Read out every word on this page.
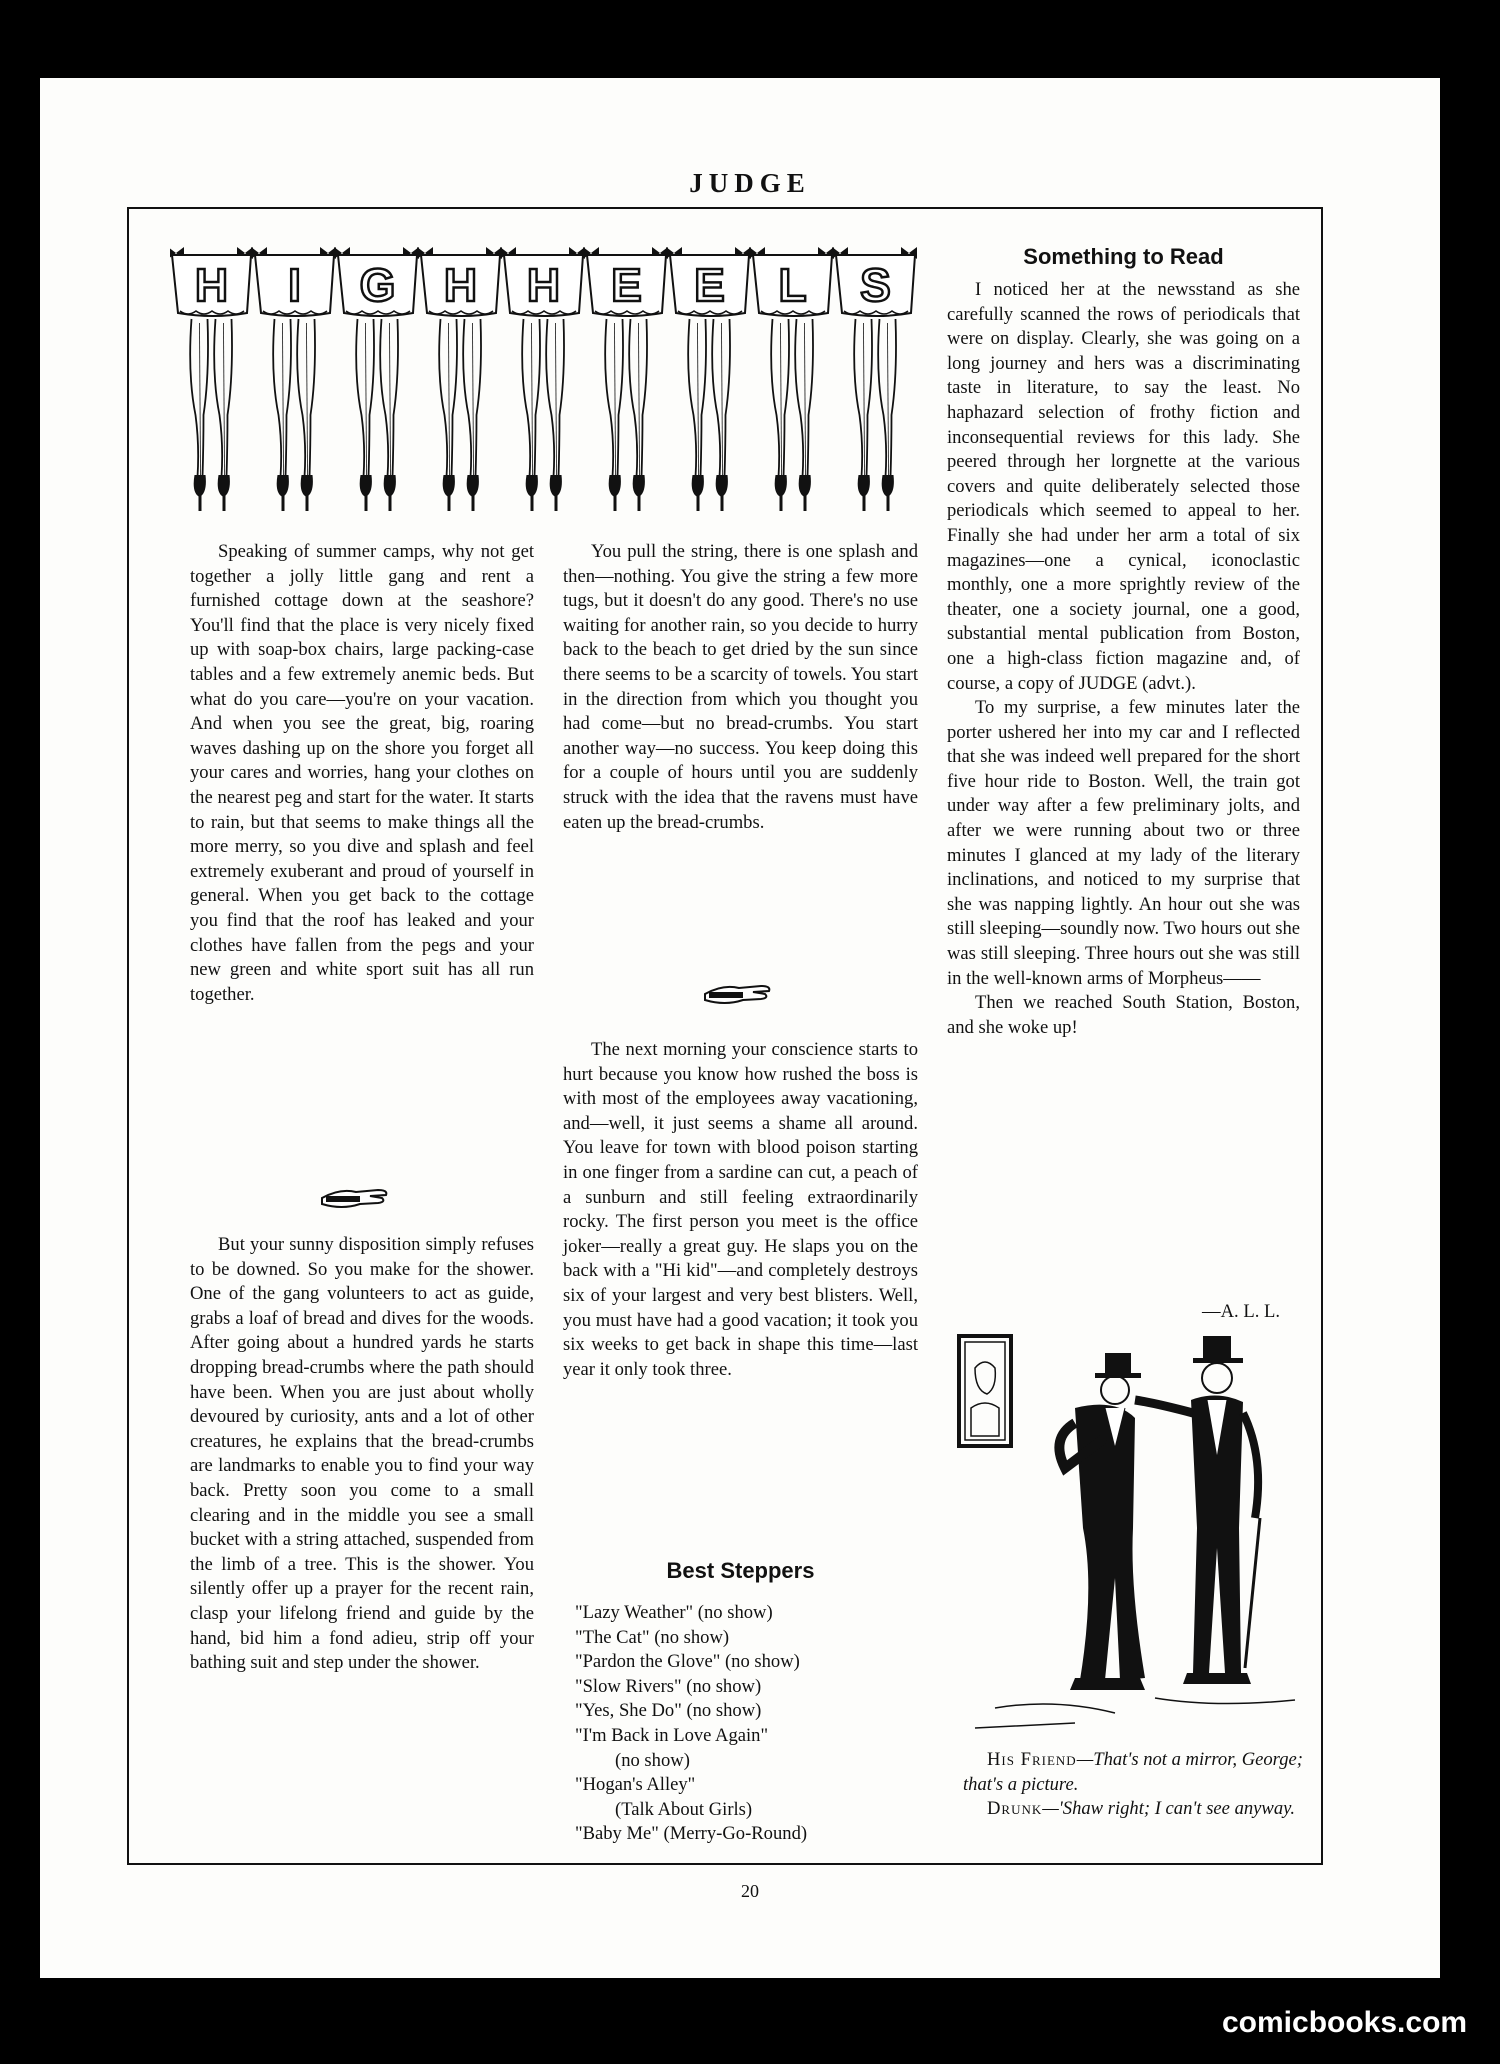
JUDGE
H I G H H E E L S

Speaking of summer camps, why not get together a jolly little gang and rent a furnished cottage down at the seashore? You'll find that the place is very nicely fixed up with soap-box chairs, large packing-case tables and a few extremely anemic beds. But what do you care—you're on your vacation. And when you see the great, big, roaring waves dashing up on the shore you forget all your cares and worries, hang your clothes on the nearest peg and start for the water. It starts to rain, but that seems to make things all the more merry, so you dive and splash and feel extremely exuberant and proud of yourself in general. When you get back to the cottage you find that the roof has leaked and your clothes have fallen from the pegs and your new green and white sport suit has all run together.

But your sunny disposition simply refuses to be downed. So you make for the shower. One of the gang volunteers to act as guide, grabs a loaf of bread and dives for the woods. After going about a hundred yards he starts dropping bread-crumbs where the path should have been. When you are just about wholly devoured by curiosity, ants and a lot of other creatures, he explains that the bread-crumbs are landmarks to enable you to find your way back. Pretty soon you come to a small clearing and in the middle you see a small bucket with a string attached, suspended from the limb of a tree. This is the shower. You silently offer up a prayer for the recent rain, clasp your lifelong friend and guide by the hand, bid him a fond adieu, strip off your bathing suit and step under the shower.

You pull the string, there is one splash and then—nothing. You give the string a few more tugs, but it doesn't do any good. There's no use waiting for another rain, so you decide to hurry back to the beach to get dried by the sun since there seems to be a scarcity of towels. You start in the direction from which you thought you had come—but no bread-crumbs. You start another way—no success. You keep doing this for a couple of hours until you are suddenly struck with the idea that the ravens must have eaten up the bread-crumbs.

The next morning your conscience starts to hurt because you know how rushed the boss is with most of the employees away vacationing, and—well, it just seems a shame all around. You leave for town with blood poison starting in one finger from a sardine can cut, a peach of a sunburn and still feeling extraordinarily rocky. The first person you meet is the office joker—really a great guy. He slaps you on the back with a "Hi kid"—and completely destroys six of your largest and very best blisters. Well, you must have had a good vacation; it took you six weeks to get back in shape this time—last year it only took three.

Best Steppers
"Lazy Weather" (no show)
"The Cat" (no show)
"Pardon the Glove" (no show)
"Slow Rivers" (no show)
"Yes, She Do" (no show)
"I'm Back in Love Again"
(no show)
"Hogan's Alley"
(Talk About Girls)
"Baby Me" (Merry-Go-Round)
Something to Read

I noticed her at the newsstand as she carefully scanned the rows of periodicals that were on display. Clearly, she was going on a long journey and hers was a discriminating taste in literature, to say the least. No haphazard selection of frothy fiction and inconsequential reviews for this lady. She peered through her lorgnette at the various covers and quite deliberately selected those periodicals which seemed to appeal to her. Finally she had under her arm a total of six magazines—one a cynical, iconoclastic monthly, one a more sprightly review of the theater, one a society journal, one a good, substantial mental publication from Boston, one a high-class fiction magazine and, of course, a copy of JUDGE (advt.).

To my surprise, a few minutes later the porter ushered her into my car and I reflected that she was indeed well prepared for the short five hour ride to Boston. Well, the train got under way after a few preliminary jolts, and after we were running about two or three minutes I glanced at my lady of the literary inclinations, and noticed to my surprise that she was napping lightly. An hour out she was still sleeping—soundly now. Two hours out she was still sleeping. Three hours out she was still in the well-known arms of Morpheus——

Then we reached South Station, Boston, and she woke up!

—A. L. L.

His Friend—That's not a mirror, George; that's a picture.

Drunk—'Shaw right; I can't see anyway.

20
comicbooks.com
